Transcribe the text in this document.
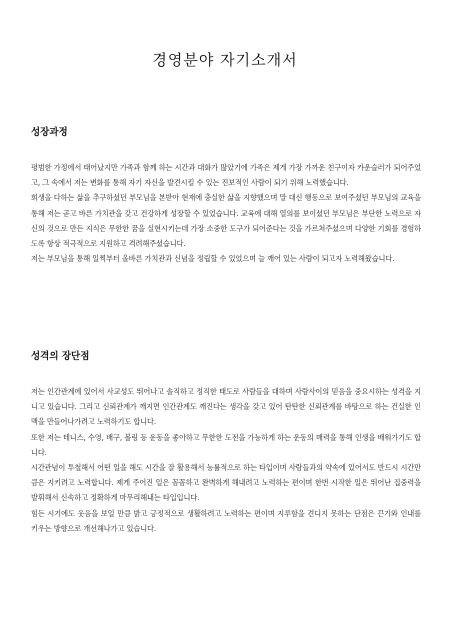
경영분야 자기소개서
성장과정

평범한 가정에서 태어났지만 가족과 함께 하는 시간과 대화가 많았기에 가족은 제게 가장 가까운 친구이자 카운슬러가 되어주었고, 그 속에서 저는 변화를 통해 자기 자신을 발견시킬 수 있는 진보적인 사람이 되기 위해 노력했습니다.

희생을 다하는 삶을 추구하셨던 부모님을 본받아 현재에 충실한 삶을 지향했으며 말 대신 행동으로 보여주셨던 부모님의 교육을 통해 저는 곧고 바른 가치관을 갖고 건강하게 성장할 수 있었습니다. 교육에 대해 열의를 보이셨던 부모님은 부단한 노력으로 자신의 것으로 만든 지식은 무한한 꿈을 실현시키는데 가장 소중한 도구가 되어준다는 것을 가르쳐주셨으며 다양한 기회를 경험하도록 항상 적극적으로 지원하고 격려해주셨습니다.

저는 부모님을 통해 일찍부터 올바른 가치관과 신념을 정립할 수 있었으며 늘 깨어 있는 사람이 되고자 노력해왔습니다.

성격의 장단점

저는 인간관계에 있어서 사교성도 뛰어나고 솔직하고 정직한 태도로 사람들을 대하며 사람사이의 믿음을 중요시하는 성격을 지니고 있습니다. 그리고 신뢰관계가 깨지면 인간관계도 깨진다는 생각을 갖고 있어 탄탄한 신뢰관계를 바탕으로 하는 건실한 인맥을 만들어나가려고 노력하기도 합니다.

또한 저는 테니스, 수영, 배구, 볼링 등 운동을 좋아하고 무한한 도전을 가능하게 하는 운동의 매력을 통해 인생을 배워가기도 합니다.

시간관념이 투철해서 어떤 일을 해도 시간을 잘 활용해서 능률적으로 하는 타입이며 사람들과의 약속에 있어서도 반드시 시간만큼은 지키려고 노력합니다. 제게 주어진 일은 꼼꼼하고 완벽하게 해내려고 노력하는 편이며 한번 시작한 일은 뛰어난 집중력을 발휘해서 신속하고 정확하게 마무리해내는 타입입니다.

힘든 시기에도 웃음을 보일 만큼 밝고 긍정적으로 생활하려고 노력하는 편이며 지루함을 견디지 못하는 단점은 끈기와 인내를 키우는 방향으로 개선해나가고 있습니다.
